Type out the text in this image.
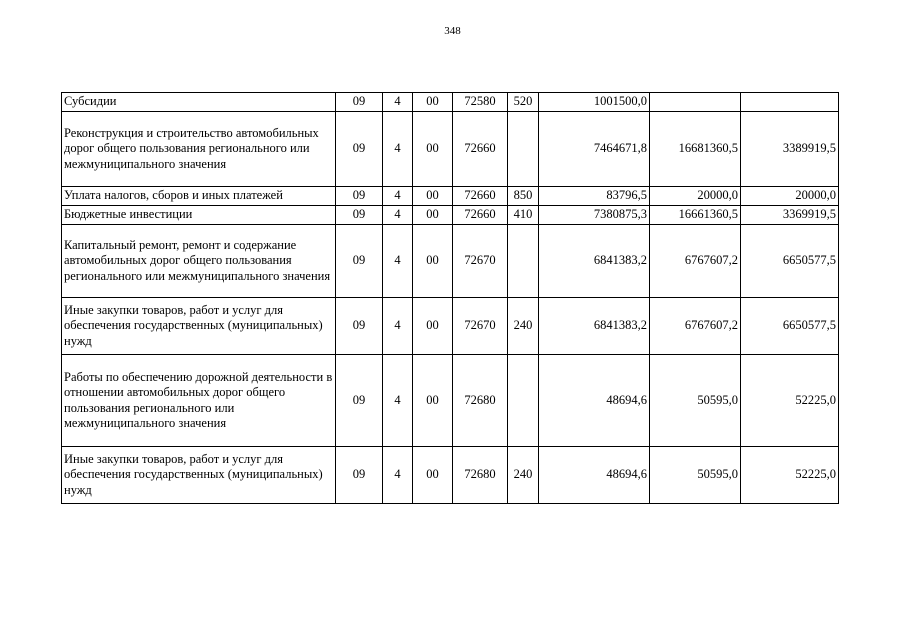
348
Субсидии	09	4	00	72580	520	1001500,0		
Реконструкция и строительство автомобильных дорог общего пользования регионального или межмуниципального значения	09	4	00	72660		7464671,8	16681360,5	3389919,5
Уплата налогов, сборов и иных платежей	09	4	00	72660	850	83796,5	20000,0	20000,0
Бюджетные инвестиции	09	4	00	72660	410	7380875,3	16661360,5	3369919,5
Капитальный ремонт, ремонт и содержание автомобильных дорог общего пользования регионального или межмуниципального значения	09	4	00	72670		6841383,2	6767607,2	6650577,5
Иные закупки товаров, работ и услуг для обеспечения государственных (муниципальных) нужд	09	4	00	72670	240	6841383,2	6767607,2	6650577,5
Работы по обеспечению дорожной деятельности в отношении автомобильных дорог общего пользования регионального или межмуниципального значения	09	4	00	72680		48694,6	50595,0	52225,0
Иные закупки товаров, работ и услуг для обеспечения государственных (муниципальных) нужд	09	4	00	72680	240	48694,6	50595,0	52225,0
